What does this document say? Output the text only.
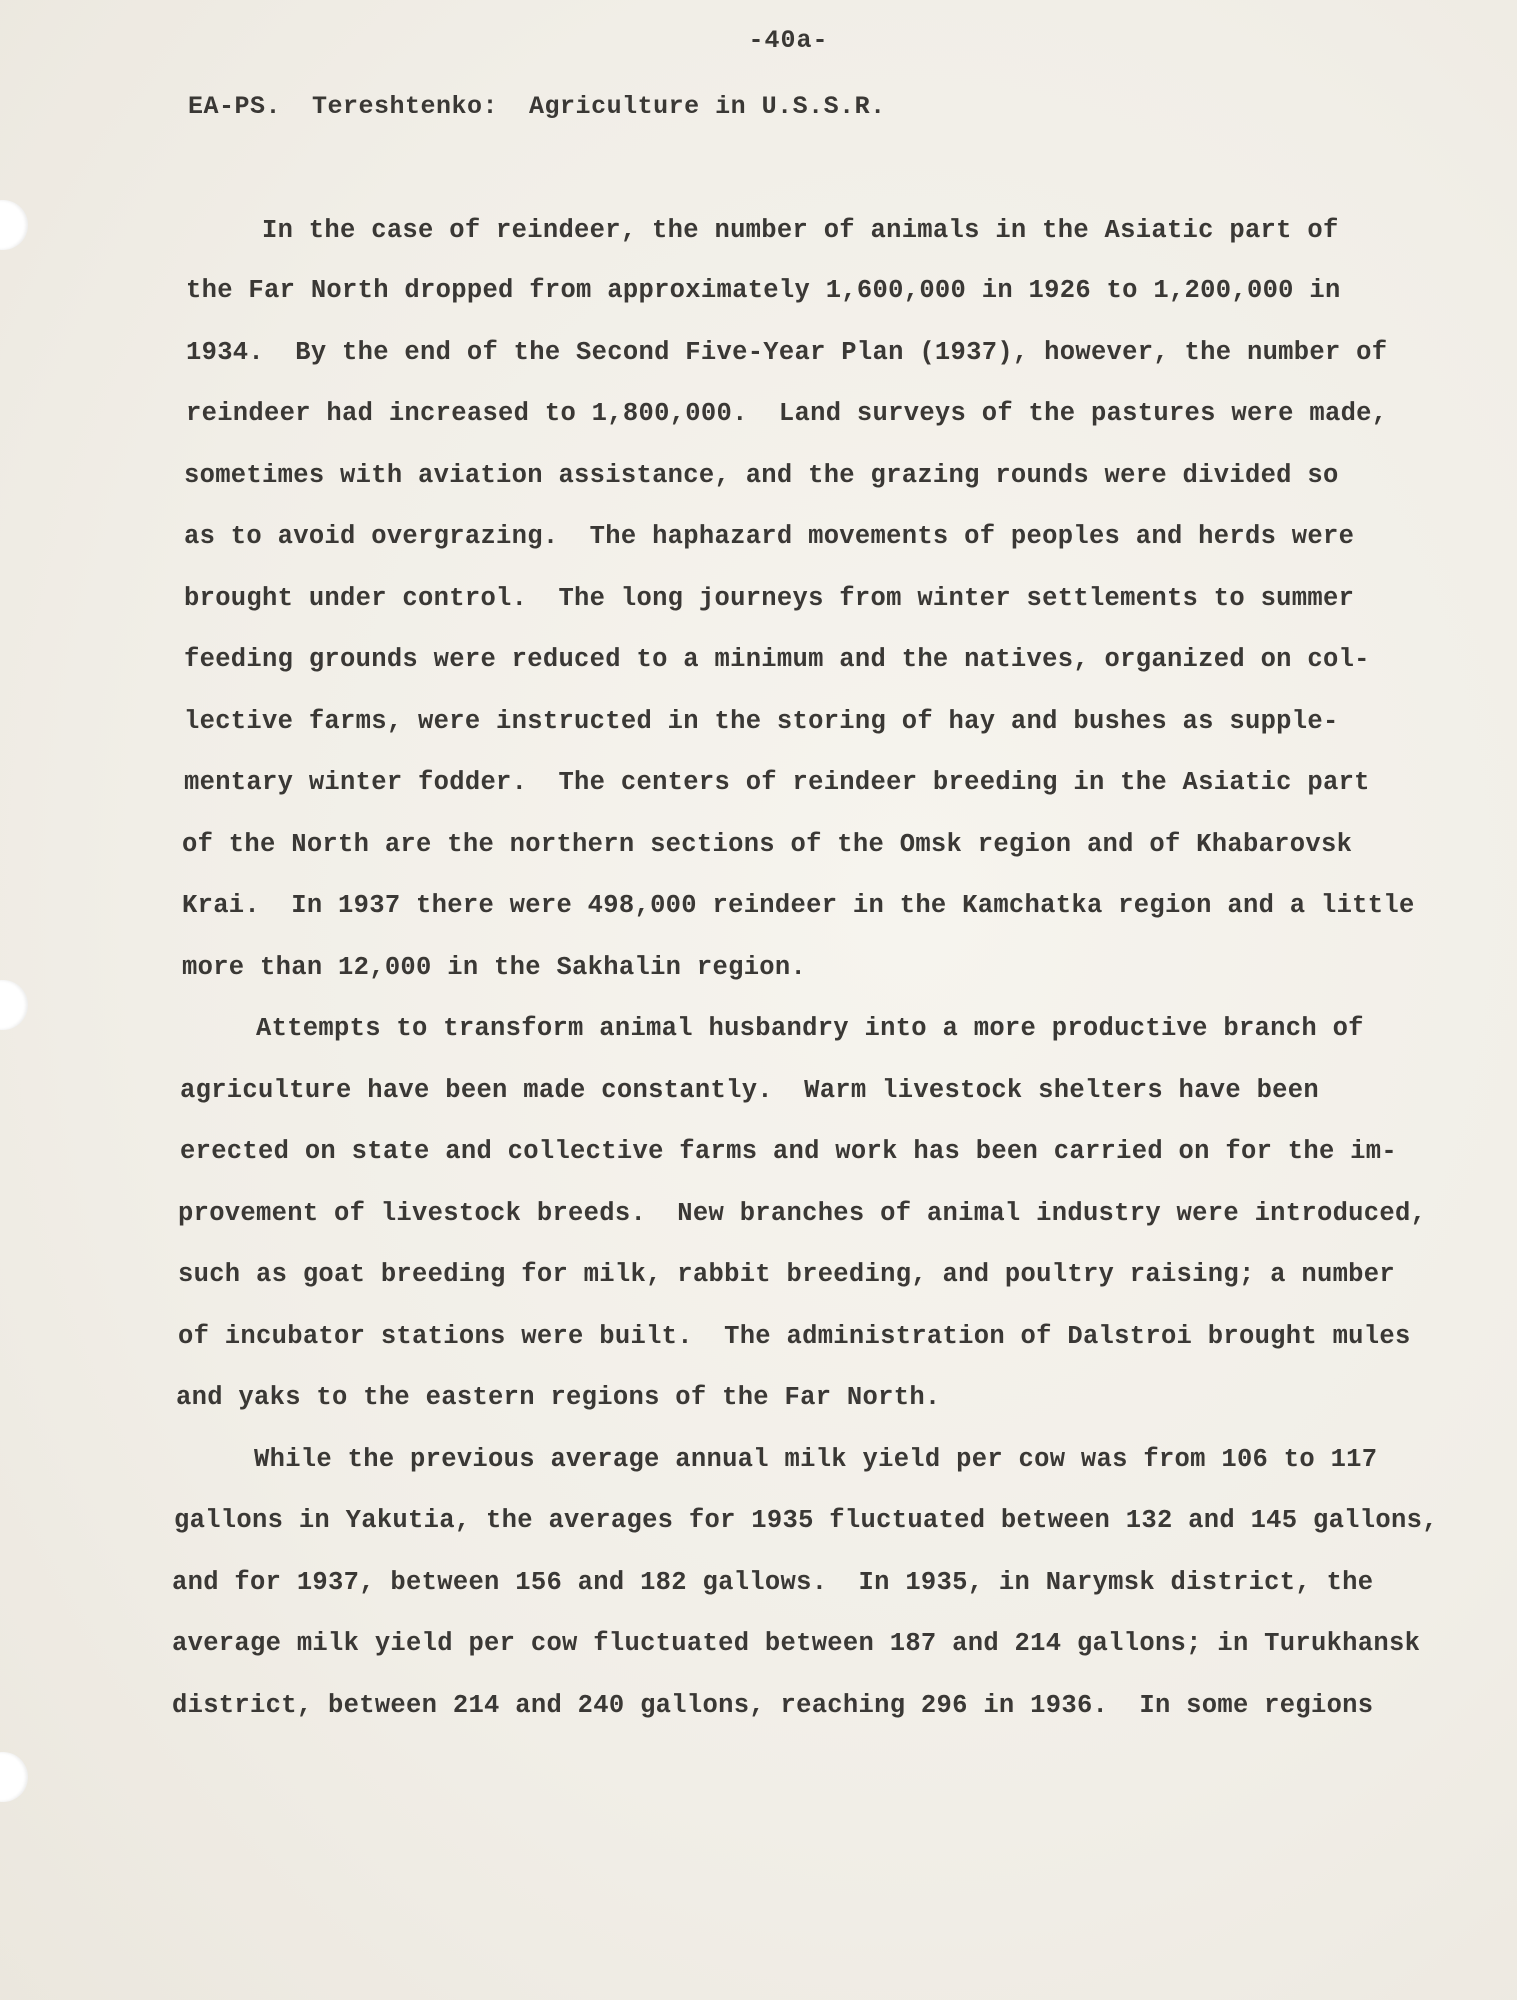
-40a-
EA-PS.  Tereshtenko:  Agriculture in U.S.S.R.
In the case of reindeer, the number of animals in the Asiatic part of
the Far North dropped from approximately 1,600,000 in 1926 to 1,200,000 in
1934.  By the end of the Second Five-Year Plan (1937), however, the number of
reindeer had increased to 1,800,000.  Land surveys of the pastures were made,
sometimes with aviation assistance, and the grazing rounds were divided so
as to avoid overgrazing.  The haphazard movements of peoples and herds were
brought under control.  The long journeys from winter settlements to summer
feeding grounds were reduced to a minimum and the natives, organized on col-
lective farms, were instructed in the storing of hay and bushes as supple-
mentary winter fodder.  The centers of reindeer breeding in the Asiatic part
of the North are the northern sections of the Omsk region and of Khabarovsk
Krai.  In 1937 there were 498,000 reindeer in the Kamchatka region and a little
more than 12,000 in the Sakhalin region.
Attempts to transform animal husbandry into a more productive branch of
agriculture have been made constantly.  Warm livestock shelters have been
erected on state and collective farms and work has been carried on for the im-
provement of livestock breeds.  New branches of animal industry were introduced,
such as goat breeding for milk, rabbit breeding, and poultry raising; a number
of incubator stations were built.  The administration of Dalstroi brought mules
and yaks to the eastern regions of the Far North.
While the previous average annual milk yield per cow was from 106 to 117
gallons in Yakutia, the averages for 1935 fluctuated between 132 and 145 gallons,
and for 1937, between 156 and 182 gallows.  In 1935, in Narymsk district, the
average milk yield per cow fluctuated between 187 and 214 gallons; in Turukhansk
district, between 214 and 240 gallons, reaching 296 in 1936.  In some regions
